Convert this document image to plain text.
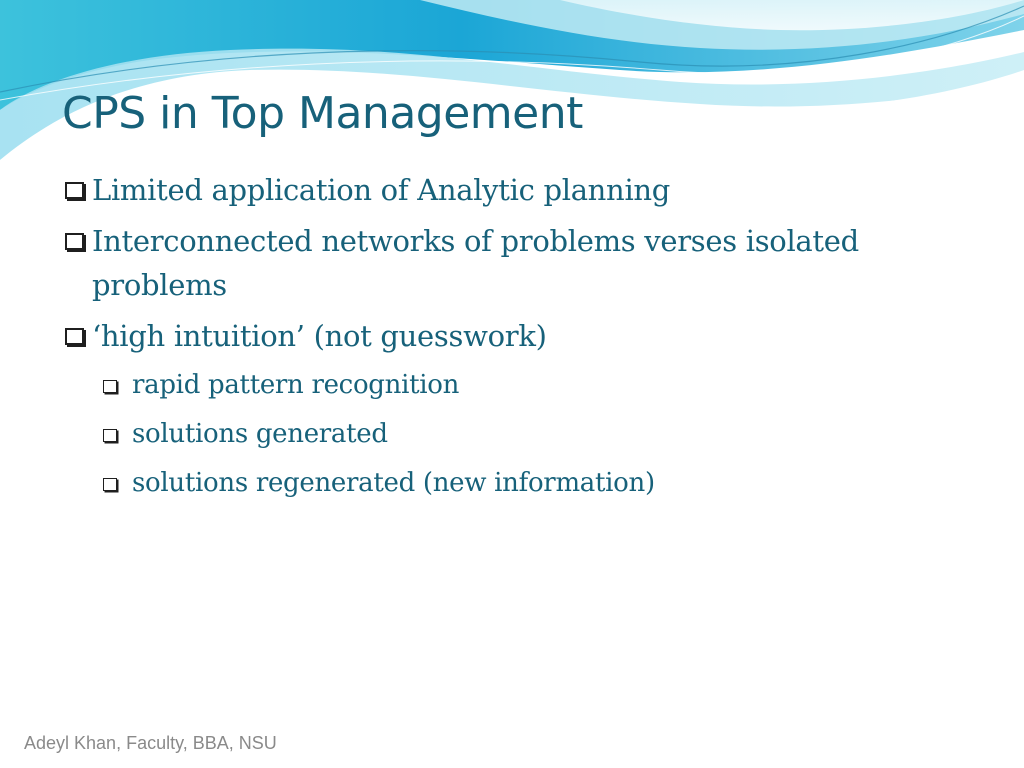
CPS in Top Management
Limited application of Analytic planning
Interconnected networks of problems verses isolated problems
‘high intuition’ (not guesswork)
rapid pattern recognition
solutions generated
solutions regenerated (new information)
Adeyl Khan, Faculty, BBA, NSU
